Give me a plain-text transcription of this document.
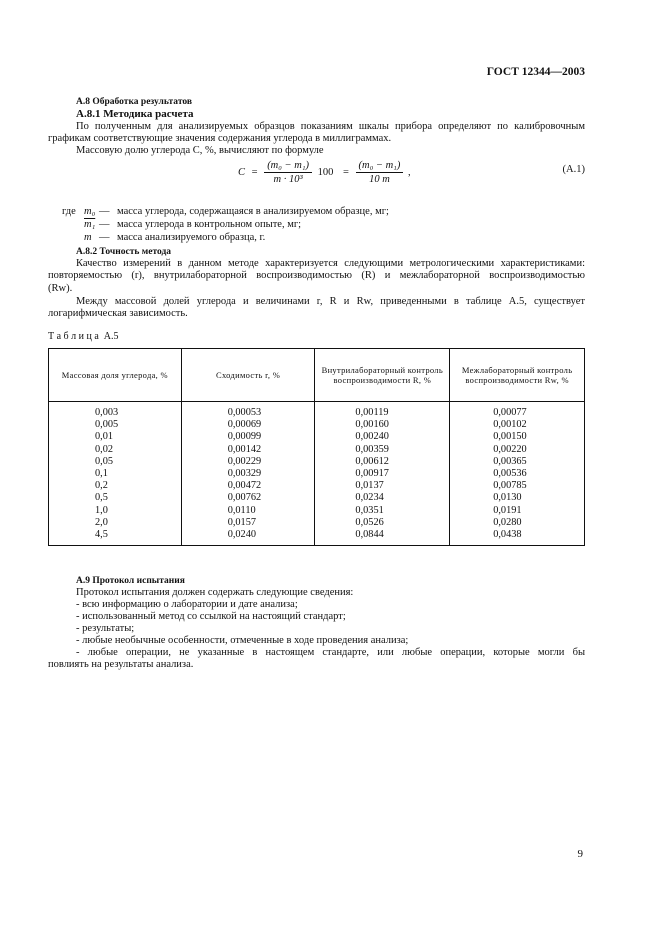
ГОСТ 12344—2003
А.8 Обработка результатов
А.8.1 Методика расчета
По полученным для анализируемых образцов показаниям шкалы прибора определяют по калибровочным
графикам соответствующие значения содержания углерода в миллиграммах.
Массовую долю углерода C, %, вычисляют по формуле
$C = \frac{\text{(m₀ − m₁)}}{\text{m · 10³}} 100 = \frac{\text{(m₀ − m₁)}}{10 m}$ ,	(А.1)
где m₀ — масса углерода, содержащаяся в анализируемом образце, мг;
m₁ — масса углерода в контрольном опыте, мг;
m — масса анализируемого образца, г.
А.8.2 Точность метода
Качество измерений в данном методе характеризуется следующими метрологическими характеристиками:
повторяемостью (r), внутрилабораторной воспроизводимостью (R) и межлабораторной воспроизводимостью
(Rw).
Между массовой долей углерода и величинами r, R и Rw, приведенными в таблице А.5, существует
логарифмическая зависимость.
Т а б л и ц а  А.5
Массовая доля углерода, %	Сходимость r, %	Внутрилабораторный контроль воспроизводимости R, %	Межлабораторный контроль воспроизводимости Rw, %
0,003	0,00053	0,00119	0,00077
0,005	0,00069	0,00160	0,00102
0,01	0,00099	0,00240	0,00150
0,02	0,00142	0,00359	0,00220
0,05	0,00229	0,00612	0,00365
0,1	0,00329	0,00917	0,00536
0,2	0,00472	0,0137	0,00785
0,5	0,00762	0,0234	0,0130
1,0	0,0110	0,0351	0,0191
2,0	0,0157	0,0526	0,0280
4,5	0,0240	0,0844	0,0438
А.9 Протокол испытания
Протокол испытания должен содержать следующие сведения:
- всю информацию о лаборатории и дате анализа;
- использованный метод со ссылкой на настоящий стандарт;
- результаты;
- любые необычные особенности, отмеченные в ходе проведения анализа;
- любые операции, не указанные в настоящем стандарте, или любые операции, которые могли бы
повлиять на результаты анализа.
9
